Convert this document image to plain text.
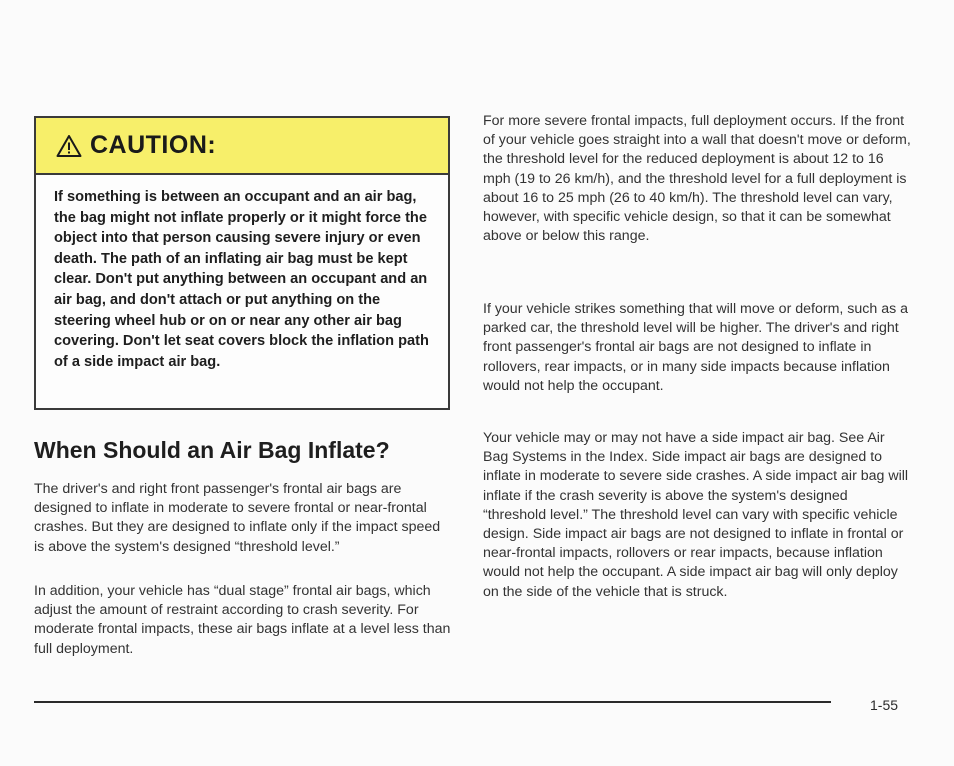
CAUTION:
If something is between an occupant and an air bag, the bag might not inflate properly or it might force the object into that person causing severe injury or even death. The path of an inflating air bag must be kept clear. Don't put anything between an occupant and an air bag, and don't attach or put anything on the steering wheel hub or on or near any other air bag covering. Don't let seat covers block the inflation path of a side impact air bag.
When Should an Air Bag Inflate?

The driver's and right front passenger's frontal air bags are designed to inflate in moderate to severe frontal or near-frontal crashes. But they are designed to inflate only if the impact speed is above the system's designed “threshold level.”

In addition, your vehicle has “dual stage” frontal air bags, which adjust the amount of restraint according to crash severity. For moderate frontal impacts, these air bags inflate at a level less than full deployment.

For more severe frontal impacts, full deployment occurs. If the front of your vehicle goes straight into a wall that doesn't move or deform, the threshold level for the reduced deployment is about 12 to 16 mph (19 to 26 km/h), and the threshold level for a full deployment is about 16 to 25 mph (26 to 40 km/h). The threshold level can vary, however, with specific vehicle design, so that it can be somewhat above or below this range.

If your vehicle strikes something that will move or deform, such as a parked car, the threshold level will be higher. The driver's and right front passenger's frontal air bags are not designed to inflate in rollovers, rear impacts, or in many side impacts because inflation would not help the occupant.

Your vehicle may or may not have a side impact air bag. See Air Bag Systems in the Index. Side impact air bags are designed to inflate in moderate to severe side crashes. A side impact air bag will inflate if the crash severity is above the system's designed “threshold level.” The threshold level can vary with specific vehicle design. Side impact air bags are not designed to inflate in frontal or near-frontal impacts, rollovers or rear impacts, because inflation would not help the occupant. A side impact air bag will only deploy on the side of the vehicle that is struck.

1-55
